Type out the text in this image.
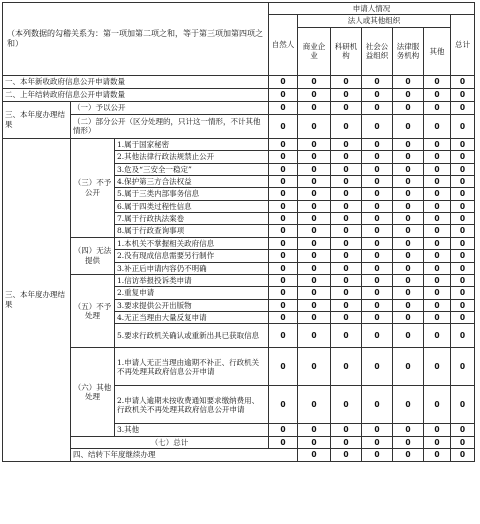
（本列数据的勾稽关系为：第一项加第二项之和，等于第三项加第四项之和）			申请人情况							
			自然人	法人或其他组织					总计	
				商业企业	科研机构	社会公益组织	法律服务机构	其他		
一、本年新收政府信息公开申请数量			0	0	0	0	0	0	0	
二、上年结转政府信息公开申请数量			0	0	0	0	0	0	0	
三、本年度办理结果	（一）予以公开		0	0	0	0	0	0	0	
	（二）部分公开（区分处理的，只计这一情形，不计其他情形）		0	0	0	0	0	0	0	
三、本年度办理结果	（三）不予公开	1.属于国家秘密	0	0	0	0	0	0	0	
		2.其他法律行政法规禁止公开	0	0	0	0	0	0	0	
		3.危及“三安全一稳定”	0	0	0	0	0	0	0	
		4.保护第三方合法权益	0	0	0	0	0	0	0	
		5.属于三类内部事务信息	0	0	0	0	0	0	0	
		6.属于四类过程性信息	0	0	0	0	0	0	0	
		7.属于行政执法案卷	0	0	0	0	0	0	0	
		8.属于行政查询事项	0	0	0	0	0	0	0	
	（四）无法提供	1.本机关不掌握相关政府信息	0	0	0	0	0	0	0	
		2.没有现成信息需要另行制作	0	0	0	0	0	0	0	
		3.补正后申请内容仍不明确	0	0	0	0	0	0	0	
	（五）不予处理	1.信访举报投诉类申请	0	0	0	0	0	0	0	
		2.重复申请	0	0	0	0	0	0	0	
		3.要求提供公开出版物	0	0	0	0	0	0	0	
		4.无正当理由大量反复申请	0	0	0	0	0	0	0	
		5.要求行政机关确认或重新出具已获取信息	0	0	0	0	0	0	0	
	（六）其他处理	1.申请人无正当理由逾期不补正、行政机关不再处理其政府信息公开申请	0	0	0	0	0	0	0	
		2.申请人逾期未按收费通知要求缴纳费用、行政机关不再处理其政府信息公开申请	0	0	0	0	0	0	0	
		3.其他	0	0	0	0	0	0	0	
	（七）总计		0	0	0	0	0	0	0	
	四、结转下年度继续办理			0	0	0	0	0	0	
